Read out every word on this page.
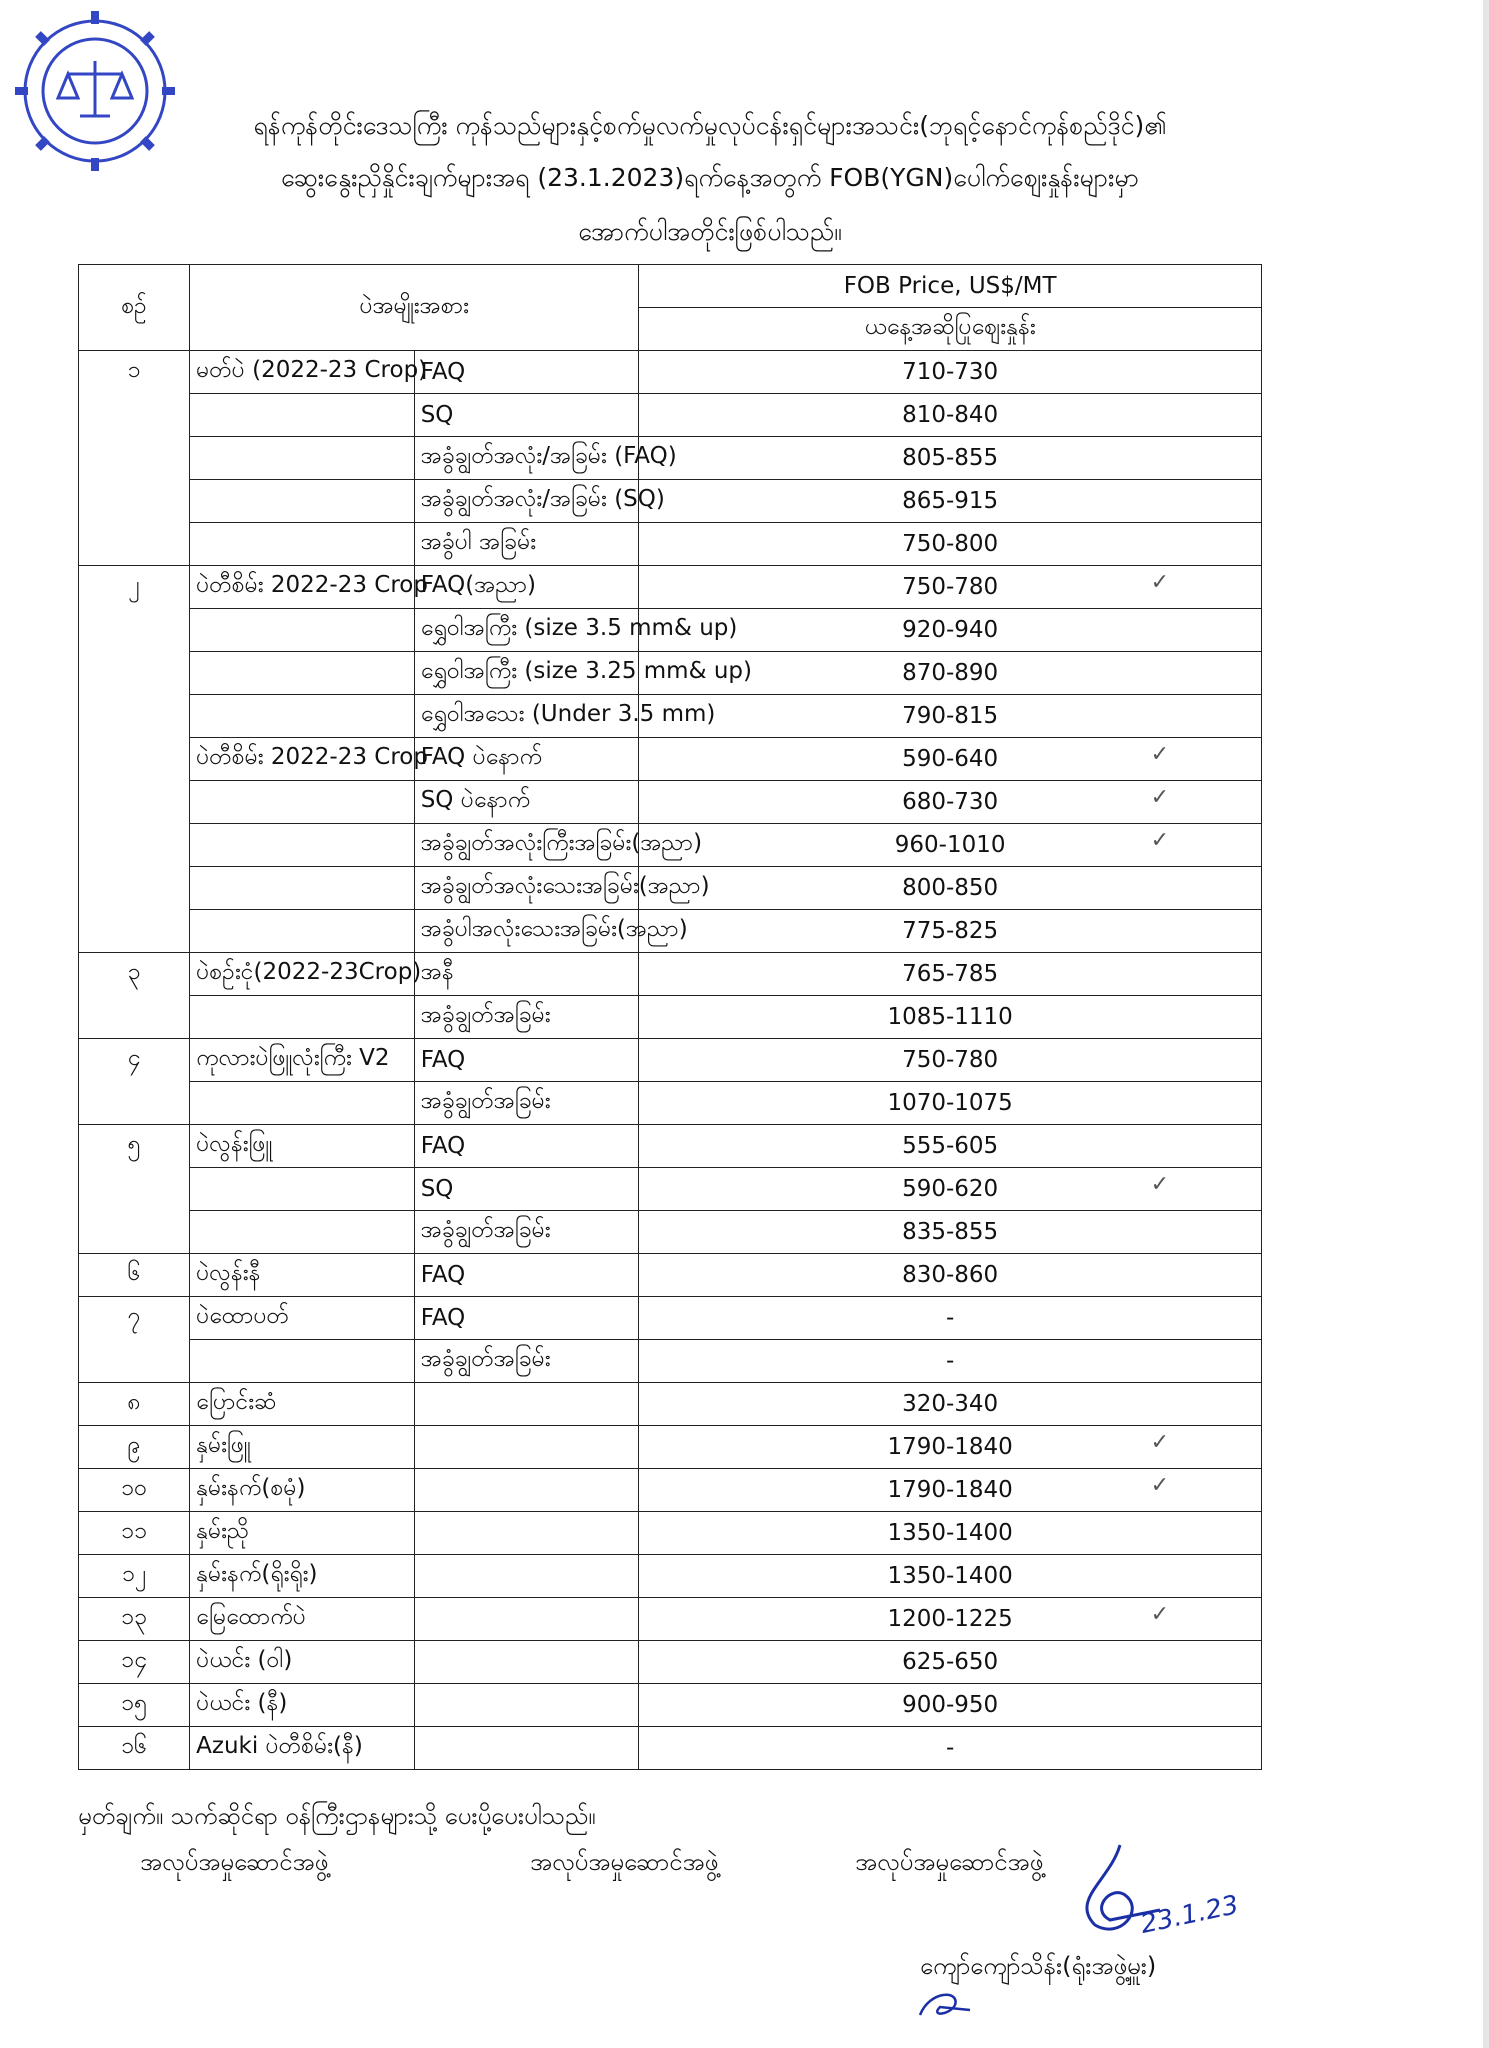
ရန်ကုန်တိုင်းဒေသကြီး ကုန်သည်များနှင့်စက်မှုလက်မှုလုပ်ငန်းရှင်များအသင်း(ဘုရင့်နောင်ကုန်စည်ဒိုင်)၏
ဆွေးနွေးညှိနှိုင်းချက်များအရ (23.1.2023)ရက်နေ့အတွက် FOB(YGN)ပေါက်ဈေးနှုန်းများမှာ
အောက်ပါအတိုင်းဖြစ်ပါသည်။
စဉ်	ပဲအမျိုးအစား		FOB Price, US$/MT
			ယနေ့အဆိုပြုဈေးနှုန်း
၁	မတ်ပဲ (2022-23 Crop)	FAQ	710-730
		SQ	810-840
		အခွံချွတ်အလုံး/အခြမ်း (FAQ)	805-855
		အခွံချွတ်အလုံး/အခြမ်း (SQ)	865-915
		အခွံပါ အခြမ်း	750-800
၂	ပဲတီစိမ်း 2022-23 Crop	FAQ(အညာ)	750-780 ✓
		ရွှေဝါအကြီး (size 3.5 mm& up)	920-940
		ရွှေဝါအကြီး (size 3.25 mm& up)	870-890
		ရွှေဝါအသေး (Under 3.5 mm)	790-815
	ပဲတီစိမ်း 2022-23 Crop	FAQ ပဲနောက်	590-640 ✓
		SQ ပဲနောက်	680-730 ✓
		အခွံချွတ်အလုံးကြီးအခြမ်း(အညာ)	960-1010 ✓
		အခွံချွတ်အလုံးသေးအခြမ်း(အညာ)	800-850
		အခွံပါအလုံးသေးအခြမ်း(အညာ)	775-825
၃	ပဲစဉ်းငုံ(2022-23Crop)	အနီ	765-785
		အခွံချွတ်အခြမ်း	1085-1110
၄	ကုလားပဲဖြူလုံးကြီး V2	FAQ	750-780
		အခွံချွတ်အခြမ်း	1070-1075
၅	ပဲလွန်းဖြူ	FAQ	555-605
		SQ	590-620 ✓
		အခွံချွတ်အခြမ်း	835-855
၆	ပဲလွန်းနီ	FAQ	830-860
၇	ပဲထောပတ်	FAQ	-
		အခွံချွတ်အခြမ်း	-
၈	ပြောင်းဆံ		320-340
၉	နှမ်းဖြူ		1790-1840 ✓
၁၀	နှမ်းနက်(စမုံ)		1790-1840 ✓
၁၁	နှမ်းညို		1350-1400
၁၂	နှမ်းနက်(ရိုးရိုး)		1350-1400
၁၃	မြေထောက်ပဲ		1200-1225 ✓
၁၄	ပဲယင်း (ဝါ)		625-650
၁၅	ပဲယင်း (နီ)		900-950
၁၆	Azuki ပဲတီစိမ်း(နီ)		-
မှတ်ချက်။ သက်ဆိုင်ရာ ဝန်ကြီးဌာနများသို့ ပေးပို့ပေးပါသည်။
အလုပ်အမှုဆောင်အဖွဲ့	အလုပ်အမှုဆောင်အဖွဲ့	အလုပ်အမှုဆောင်အဖွဲ့
23.1.23
ကျော်ကျော်သိန်း(ရုံးအဖွဲ့မှူး)
